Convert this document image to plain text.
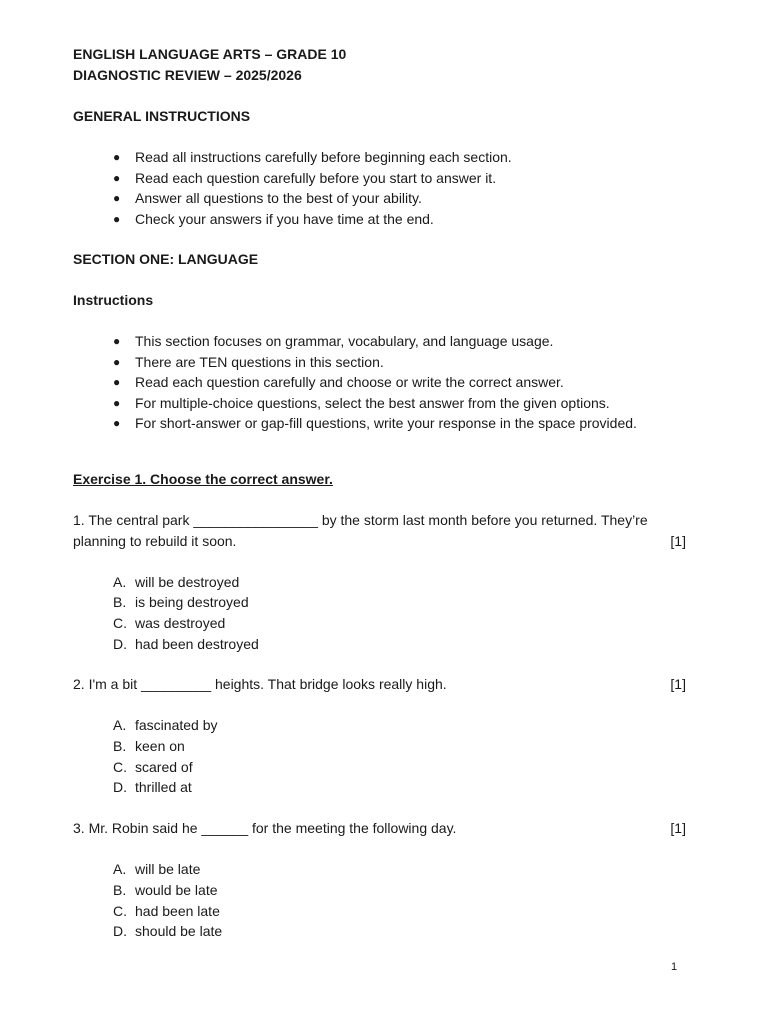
ENGLISH LANGUAGE ARTS – GRADE 10
DIAGNOSTIC REVIEW – 2025/2026
GENERAL INSTRUCTIONS
● Read all instructions carefully before beginning each section.
● Read each question carefully before you start to answer it.
● Answer all questions to the best of your ability.
● Check your answers if you have time at the end.
SECTION ONE: LANGUAGE
Instructions
● This section focuses on grammar, vocabulary, and language usage.
● There are TEN questions in this section.
● Read each question carefully and choose or write the correct answer.
● For multiple-choice questions, select the best answer from the given options.
● For short-answer or gap-fill questions, write your response in the space provided.
Exercise 1. Choose the correct answer.
1. The central park ________________ by the storm last month before you returned. They’re
planning to rebuild it soon.	[1]
A. will be destroyed
B. is being destroyed
C. was destroyed
D. had been destroyed
2. I'm a bit _________ heights. That bridge looks really high.	[1]
A. fascinated by
B. keen on
C. scared of
D. thrilled at
3. Mr. Robin said he ______ for the meeting the following day.	[1]
A. will be late
B. would be late
C. had been late
D. should be late
1
